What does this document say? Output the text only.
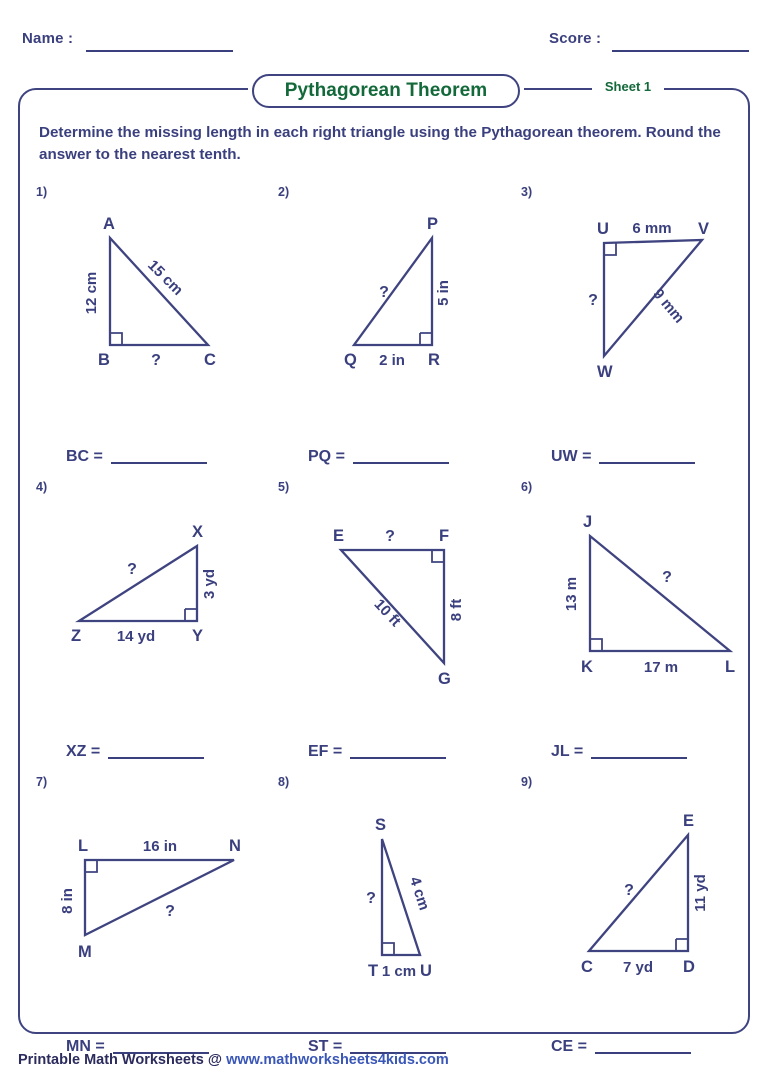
Name :	Score :
Pythagorean Theorem	Sheet 1
Determine the missing length in each right triangle using the Pythagorean theorem. Round the answer to the nearest tenth.
1)
A
B	C
12 cm	15 cm
?
BC =
2)
P
Q	R
5 in
2 in
?
PQ =
3)
U	V
W
6 mm
9 mm
?
UW =
4)
X
Y
Z
3 yd
14 yd
?
XZ =
5)
E	F
G
8 ft
10 ft
?
EF =
6)
J
K	L
13 m
17 m
?
JL =
7)
L
M
N
8 in
16 in
?
MN =
8)
S
T	U
1 cm
4 cm
?
ST =
9)
E
C	D
11 yd
7 yd
?
CE =
Printable Math Worksheets @ www.mathworksheets4kids.com
